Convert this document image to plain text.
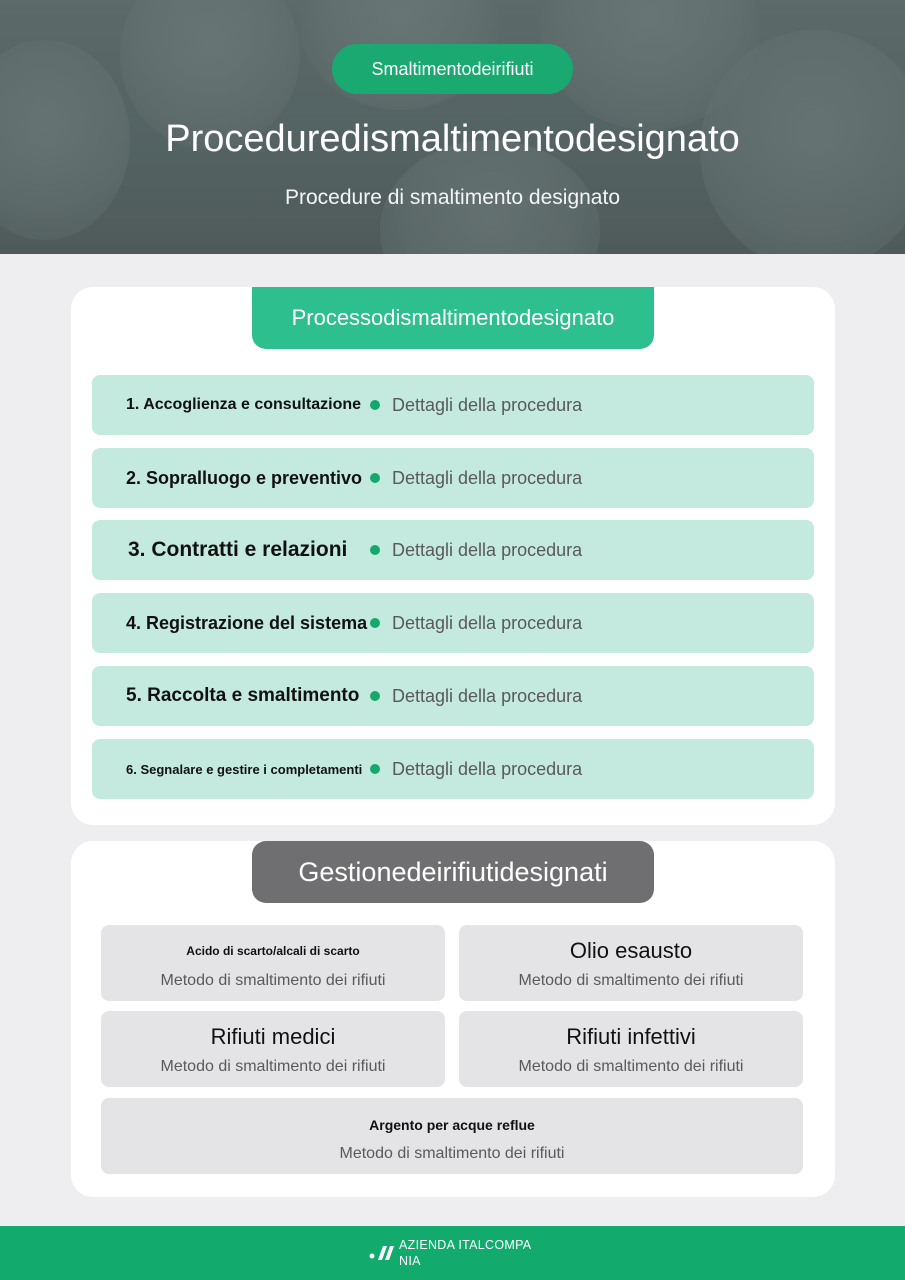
Smaltimentodeirifiuti
Proceduredismaltimentodesignato
Procedure di smaltimento designato
Processodismaltimentodesignato
1. Accoglienza e consultazione	Dettagli della procedura
2. Sopralluogo e preventivo	Dettagli della procedura
3. Contratti e relazioni	Dettagli della procedura
4. Registrazione del sistema	Dettagli della procedura
5. Raccolta e smaltimento	Dettagli della procedura
6. Segnalare e gestire i completamenti	Dettagli della procedura
Gestionedeirifiutidesignati
Acido di scarto/alcali di scarto
Metodo di smaltimento dei rifiuti
Olio esausto
Metodo di smaltimento dei rifiuti
Rifiuti medici
Metodo di smaltimento dei rifiuti
Rifiuti infettivi
Metodo di smaltimento dei rifiuti
Argento per acque reflue
Metodo di smaltimento dei rifiuti
AZIENDA ITALCOMPANIA
